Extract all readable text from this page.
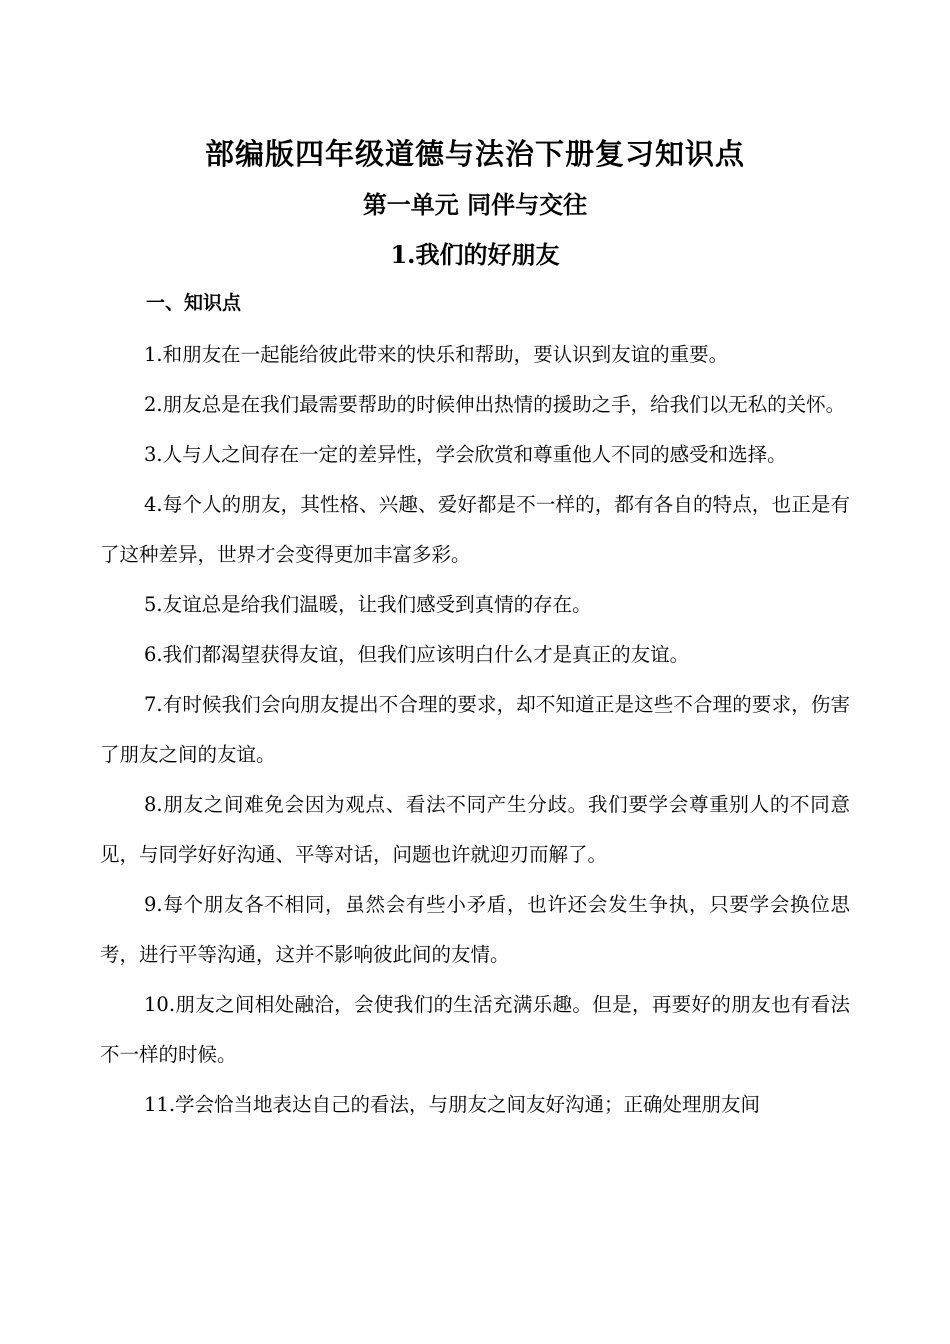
部编版四年级道德与法治下册复习知识点
第一单元 同伴与交往
1.我们的好朋友
一、知识点

1.和朋友在一起能给彼此带来的快乐和帮助，要认识到友谊的重要。

2.朋友总是在我们最需要帮助的时候伸出热情的援助之手，给我们以无私的关怀。

3.人与人之间存在一定的差异性，学会欣赏和尊重他人不同的感受和选择。

4.每个人的朋友，其性格、兴趣、爱好都是不一样的，都有各自的特点，也正是有了这种差异，世界才会变得更加丰富多彩。

5.友谊总是给我们温暖，让我们感受到真情的存在。

6.我们都渴望获得友谊，但我们应该明白什么才是真正的友谊。

7.有时候我们会向朋友提出不合理的要求，却不知道正是这些不合理的要求，伤害了朋友之间的友谊。

8.朋友之间难免会因为观点、看法不同产生分歧。我们要学会尊重别人的不同意见，与同学好好沟通、平等对话，问题也许就迎刃而解了。

9.每个朋友各不相同，虽然会有些小矛盾，也许还会发生争执，只要学会换位思考，进行平等沟通，这并不影响彼此间的友情。

10.朋友之间相处融洽，会使我们的生活充满乐趣。但是，再要好的朋友也有看法不一样的时候。

11.学会恰当地表达自己的看法，与朋友之间友好沟通；正确处理朋友间
